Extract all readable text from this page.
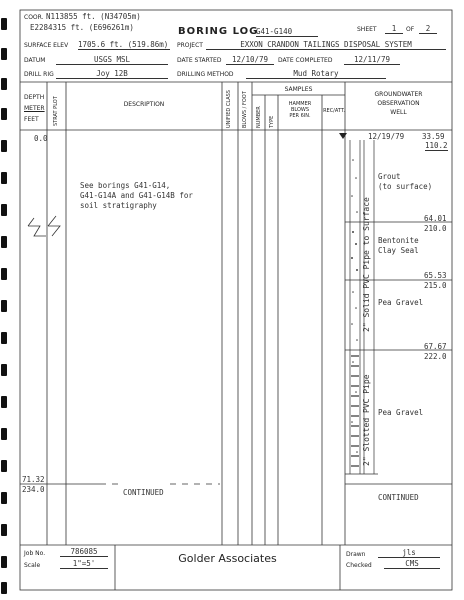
COOR. N113855 ft. (N34705m)
E2284315 ft. (E696261m)	BORING LOG
G41-G140	SHEET	1	OF	2
SURFACE ELEV 1705.6 ft. (519.86m) PROJECT	EXXON CRANDON TAILINGS DISPOSAL SYSTEM
DATUM	USGS MSL	DATE STARTED	12/10/79	DATE COMPLETED	12/11/79
DRILL RIG	Joy 12B	DRILLING METHOD	Mud Rotary
DEPTH
METER
FEET	STRAT PLOT	DESCRIPTION	UNIFIED CLASS BLOWS / FOOT
SAMPLES
NUMBER TYPE
HAMMER
BLOWS
PER 6IN.
REC/ATT.
GROUNDWATER
OBSERVATION
WELL
0.0
See borings G41-G14,
G41-G14A and G41-G14B for
soil stratigraphy
71.32
234.0	CONTINUED
12/19/79 33.59
110.2
Grout
(to surface)
64.01
210.0
Bentonite
Clay Seal
65.53
215.0
Pea Gravel
67.67
222.0
Pea Gravel
2" Solid PVC Pipe to Surface
2" Slotted PVC Pipe
CONTINUED
Job No.	786085
Scale	1"=5'	Golder Associates	Drawn	jls
Checked	CMS
